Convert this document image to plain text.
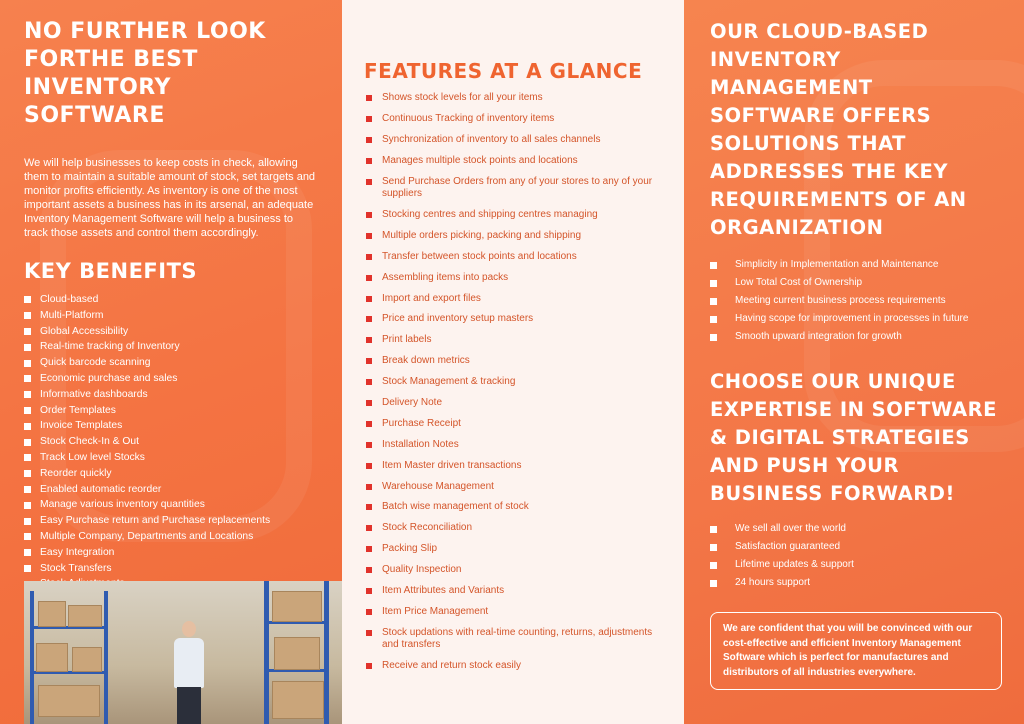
NO FURTHER LOOK FORTHE BEST INVENTORY SOFTWARE

We will help businesses to keep costs in check, allowing them to maintain a suitable amount of stock, set targets and monitor profits efficiently. As inventory is one of the most important assets a business has in its arsenal, an adequate Inventory Management Software will help a business to track those assets and control them accordingly.

KEY BENEFITS
Cloud-based
Multi-Platform
Global Accessibility
Real-time tracking of Inventory
Quick barcode scanning
Economic purchase and sales
Informative dashboards
Order Templates
Invoice Templates
Stock Check-In & Out
Track Low level Stocks
Reorder quickly
Enabled automatic reorder
Manage various inventory quantities
Easy Purchase return and Purchase replacements
Multiple Company, Departments and Locations
Easy Integration
Stock Transfers
FEATURES AT A GLANCE
Shows stock levels for all your items
Continuous Tracking of inventory items
Synchronization of inventory to all sales channels
Manages multiple stock points and locations
Send Purchase Orders from any of your stores to any of your suppliers
Stocking centres and shipping centres managing
Multiple orders picking, packing and shipping
Transfer between stock points and locations
Assembling items into packs
Import and export files
Price and inventory setup masters
Print labels
Break down metrics
Stock Management & tracking
Delivery Note
Purchase Receipt
Installation Notes
Item Master driven transactions
Warehouse Management
Batch wise management of stock
Stock Reconciliation
Packing Slip
Quality Inspection
Item Attributes and Variants
Item Price Management
Stock updations with real-time counting, returns, adjustments and transfers
Receive and return stock easily
OUR CLOUD-BASED INVENTORY MANAGEMENT SOFTWARE OFFERS SOLUTIONS THAT ADDRESSES THE KEY REQUIREMENTS OF AN ORGANIZATION
Simplicity in Implementation and Maintenance
Low Total Cost of Ownership
Meeting current business process requirements
Having scope for improvement in processes in future
Smooth upward integration for growth
CHOOSE OUR UNIQUE EXPERTISE IN SOFTWARE & DIGITAL STRATEGIES AND PUSH YOUR BUSINESS FORWARD!
We sell all over the world
Satisfaction guaranteed
Lifetime updates & support
24 hours support
We are confident that you will be convinced with our cost-effective and efficient Inventory Management Software which is perfect for manufactures and distributors of all industries everywhere.
